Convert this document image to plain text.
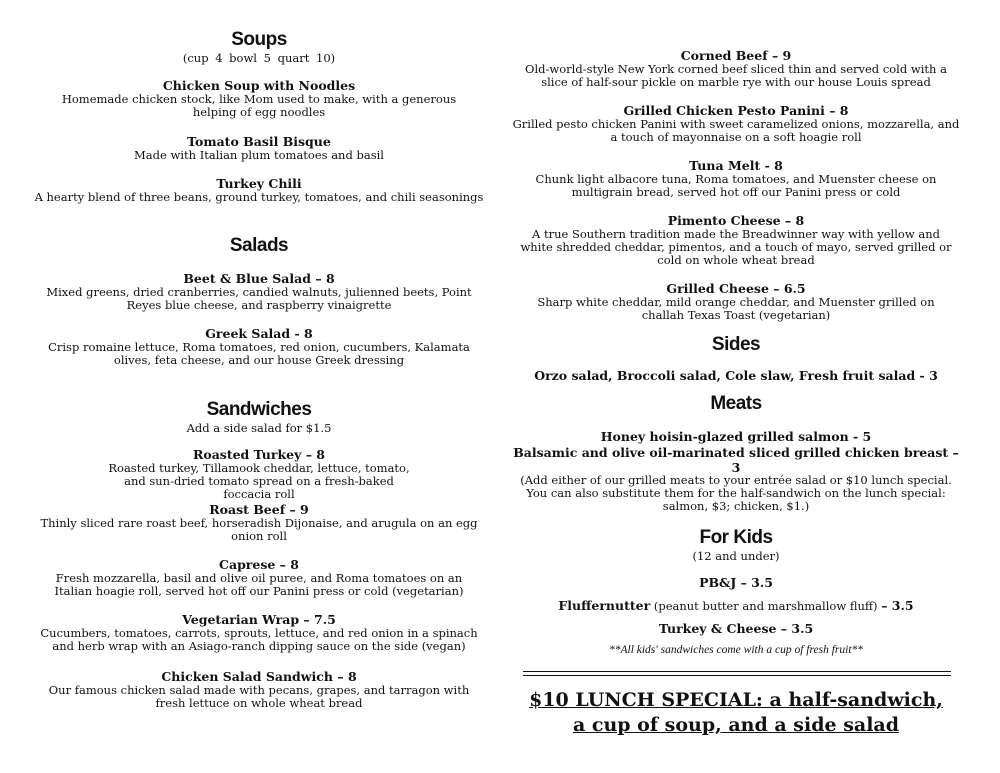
Soups

(cup 4 bowl 5 quart 10)

Chicken Soup with Noodles

Homemade chicken stock, like Mom used to make, with a generous helping of egg noodles

Tomato Basil Bisque

Made with Italian plum tomatoes and basil

Turkey Chili

A hearty blend of three beans, ground turkey, tomatoes, and chili seasonings

Salads

Beet & Blue Salad – 8

Mixed greens, dried cranberries, candied walnuts, julienned beets, Point Reyes blue cheese, and raspberry vinaigrette

Greek Salad - 8

Crisp romaine lettuce, Roma tomatoes, red onion, cucumbers, Kalamata olives, feta cheese, and our house Greek dressing

Sandwiches

Add a side salad for $1.5

Roasted Turkey – 8

Roasted turkey, Tillamook cheddar, lettuce, tomato, and sun-dried tomato spread on a fresh-baked foccacia roll

Roast Beef – 9

Thinly sliced rare roast beef, horseradish Dijonaise, and arugula on an egg onion roll

Caprese – 8

Fresh mozzarella, basil and olive oil puree, and Roma tomatoes on an Italian hoagie roll, served hot off our Panini press or cold (vegetarian)

Vegetarian Wrap – 7.5

Cucumbers, tomatoes, carrots, sprouts, lettuce, and red onion in a spinach and herb wrap with an Asiago-ranch dipping sauce on the side (vegan)

Chicken Salad Sandwich – 8

Our famous chicken salad made with pecans, grapes, and tarragon with fresh lettuce on whole wheat bread

Corned Beef – 9

Old-world-style New York corned beef sliced thin and served cold with a slice of half-sour pickle on marble rye with our house Louis spread

Grilled Chicken Pesto Panini – 8

Grilled pesto chicken Panini with sweet caramelized onions, mozzarella, and a touch of mayonnaise on a soft hoagie roll

Tuna Melt - 8

Chunk light albacore tuna, Roma tomatoes, and Muenster cheese on multigrain bread, served hot off our Panini press or cold

Pimento Cheese – 8

A true Southern tradition made the Breadwinner way with yellow and white shredded cheddar, pimentos, and a touch of mayo, served grilled or cold on whole wheat bread

Grilled Cheese – 6.5

Sharp white cheddar, mild orange cheddar, and Muenster grilled on challah Texas Toast (vegetarian)

Sides

Orzo salad, Broccoli salad, Cole slaw, Fresh fruit salad - 3

Meats

Honey hoisin-glazed grilled salmon - 5

Balsamic and olive oil-marinated sliced grilled chicken breast – 3

(Add either of our grilled meats to your entrée salad or $10 lunch special. You can also substitute them for the half-sandwich on the lunch special: salmon, $3; chicken, $1.)

For Kids

(12 and under)

PB&J – 3.5

Fluffernutter (peanut butter and marshmallow fluff) – 3.5

Turkey & Cheese – 3.5

**All kids' sandwiches come with a cup of fresh fruit**

$10 LUNCH SPECIAL: a half-sandwich,
a cup of soup, and a side salad
